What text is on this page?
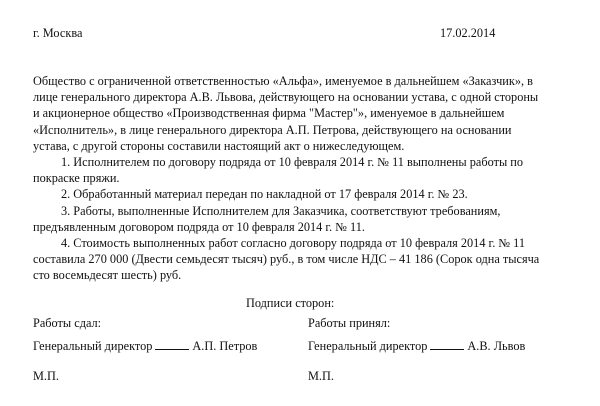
г. Москва	17.02.2014
Общество с ограниченной ответственностью «Альфа», именуемое в дальнейшем «Заказчик», в
лице генерального директора А.В. Львова, действующего на основании устава, с одной стороны
и акционерное общество «Производственная фирма "Мастер"», именуемое в дальнейшем
«Исполнитель», в лице генерального директора А.П. Петрова, действующего на основании
устава, с другой стороны составили настоящий акт о нижеследующем.
1. Исполнителем по договору подряда от 10 февраля 2014 г. № 11 выполнены работы по
покраске пряжи.
2. Обработанный материал передан по накладной от 17 февраля 2014 г. № 23.
3. Работы, выполненные Исполнителем для Заказчика, соответствуют требованиям,
предъявленным договором подряда от 10 февраля 2014 г. № 11.
4. Стоимость выполненных работ согласно договору подряда от 10 февраля 2014 г. № 11
составила 270 000 (Двести семьдесят тысяч) руб., в том числе НДС – 41 186 (Сорок одна тысяча
сто восемьдесят шесть) руб.
Подписи сторон:
Работы сдал:	Работы принял:
Генеральный директор	А.П. Петров	Генеральный директор	А.В. Львов
М.П.	М.П.
